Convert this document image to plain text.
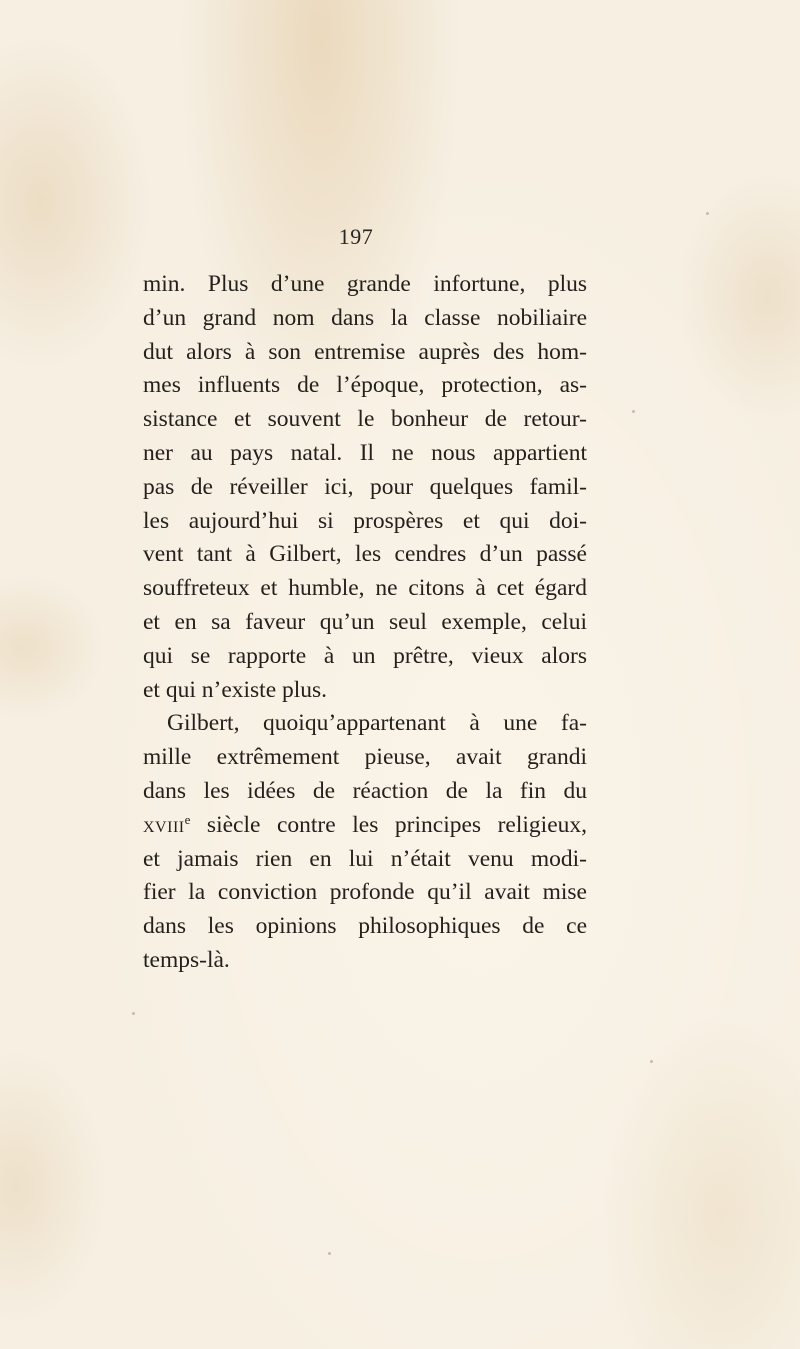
197
min. Plus d’une grande infortune, plus
d’un grand nom dans la classe nobiliaire
dut alors à son entremise auprès des hom-
mes influents de l’époque, protection, as-
sistance et souvent le bonheur de retour-
ner au pays natal. Il ne nous appartient
pas de réveiller ici, pour quelques famil-
les aujourd’hui si prospères et qui doi-
vent tant à Gilbert, les cendres d’un passé
souffreteux et humble, ne citons à cet égard
et en sa faveur qu’un seul exemple, celui
qui se rapporte à un prêtre, vieux alors
et qui n’existe plus.
Gilbert, quoiqu’appartenant à une fa-
mille extrêmement pieuse, avait grandi
dans les idées de réaction de la fin du
xviii$^e$ siècle contre les principes religieux,
et jamais rien en lui n’était venu modi-
fier la conviction profonde qu’il avait mise
dans les opinions philosophiques de ce
temps-là.
